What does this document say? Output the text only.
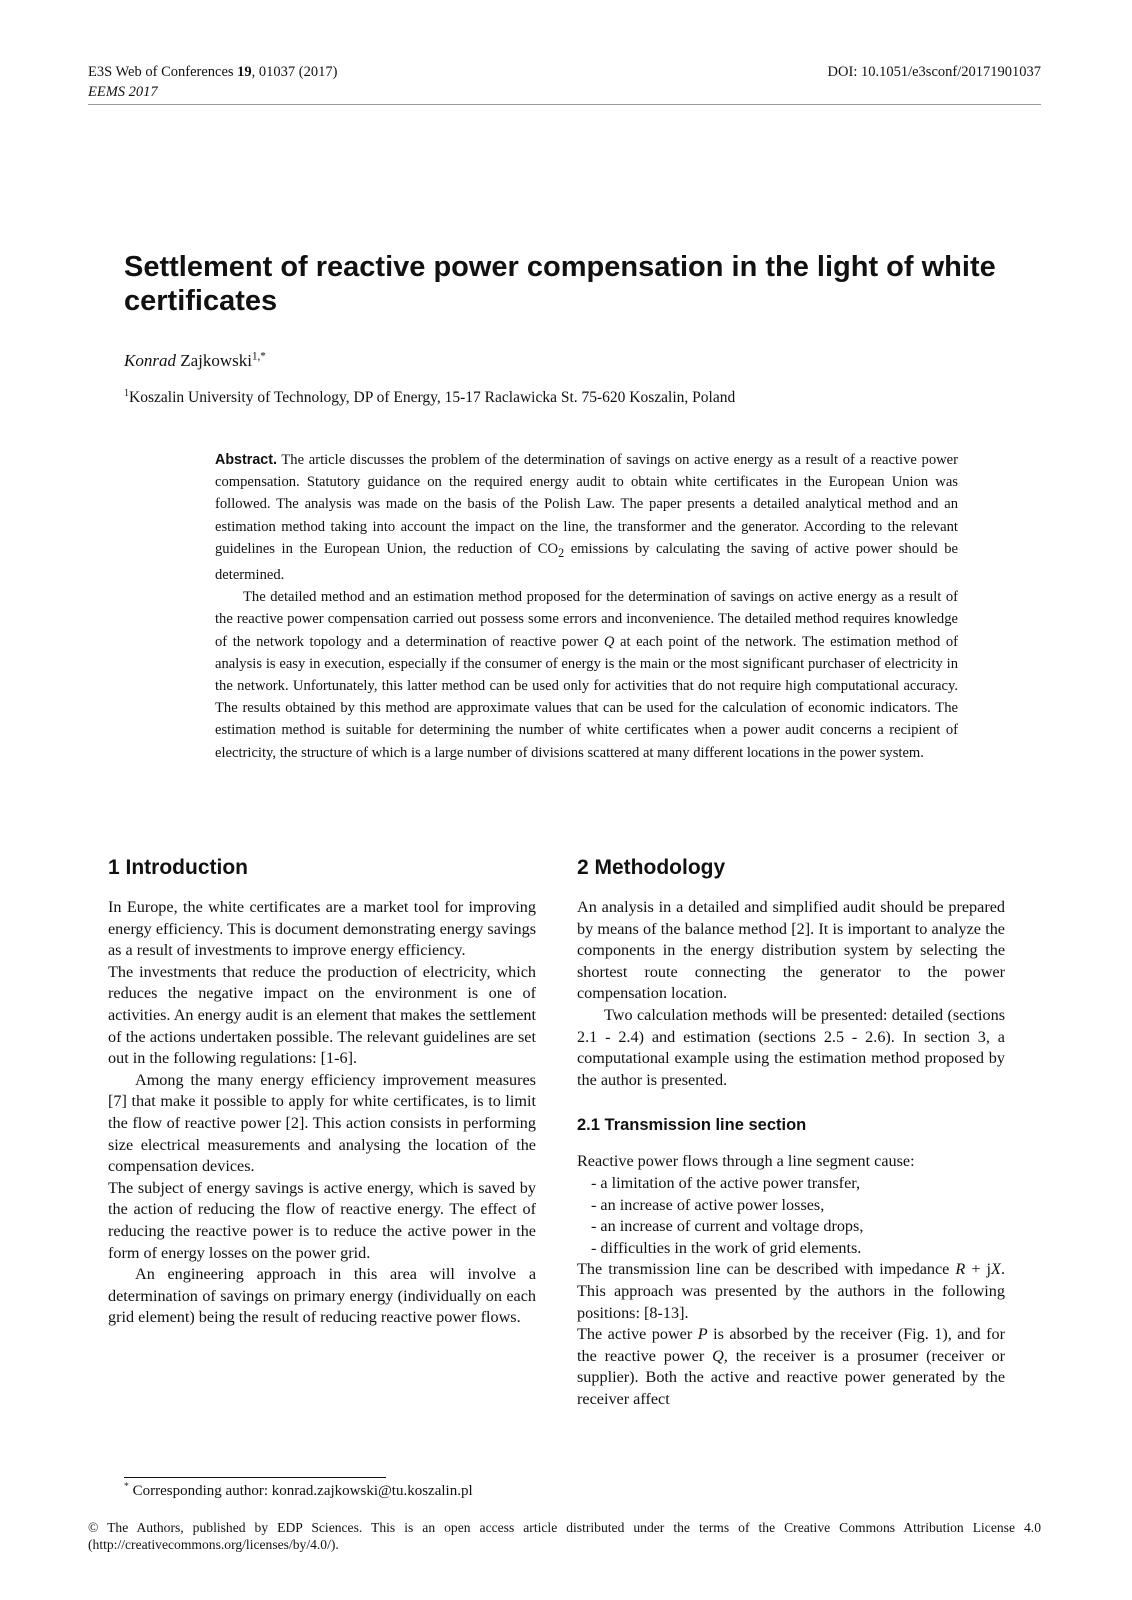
E3S Web of Conferences 19, 01037 (2017)
EEMS 2017
DOI: 10.1051/e3sconf/20171901037
Settlement of reactive power compensation in the light of white certificates
Konrad Zajkowski$^{1,*}$
$^1$Koszalin University of Technology, DP of Energy, 15-17 Raclawicka St. 75-620 Koszalin, Poland

Abstract. The article discusses the problem of the determination of savings on active energy as a result of a reactive power compensation. Statutory guidance on the required energy audit to obtain white certificates in the European Union was followed. The analysis was made on the basis of the Polish Law. The paper presents a detailed analytical method and an estimation method taking into account the impact on the line, the transformer and the generator. According to the relevant guidelines in the European Union, the reduction of $CO_2$ emissions by calculating the saving of active power should be determined.

The detailed method and an estimation method proposed for the determination of savings on active energy as a result of the reactive power compensation carried out possess some errors and inconvenience. The detailed method requires knowledge of the network topology and a determination of reactive power Q at each point of the network. The estimation method of analysis is easy in execution, especially if the consumer of energy is the main or the most significant purchaser of electricity in the network. Unfortunately, this latter method can be used only for activities that do not require high computational accuracy. The results obtained by this method are approximate values that can be used for the calculation of economic indicators. The estimation method is suitable for determining the number of white certificates when a power audit concerns a recipient of electricity, the structure of which is a large number of divisions scattered at many different locations in the power system.

1 Introduction

In Europe, the white certificates are a market tool for improving energy efficiency. This is document demonstrating energy savings as a result of investments to improve energy efficiency.

The investments that reduce the production of electricity, which reduces the negative impact on the environment is one of activities. An energy audit is an element that makes the settlement of the actions undertaken possible. The relevant guidelines are set out in the following regulations: [1-6].

Among the many energy efficiency improvement measures [7] that make it possible to apply for white certificates, is to limit the flow of reactive power [2]. This action consists in performing size electrical measurements and analysing the location of the compensation devices.

The subject of energy savings is active energy, which is saved by the action of reducing the flow of reactive energy. The effect of reducing the reactive power is to reduce the active power in the form of energy losses on the power grid.

An engineering approach in this area will involve a determination of savings on primary energy (individually on each grid element) being the result of reducing reactive power flows.

2 Methodology

An analysis in a detailed and simplified audit should be prepared by means of the balance method [2]. It is important to analyze the components in the energy distribution system by selecting the shortest route connecting the generator to the power compensation location.

Two calculation methods will be presented: detailed (sections 2.1 - 2.4) and estimation (sections 2.5 - 2.6). In section 3, a computational example using the estimation method proposed by the author is presented.

2.1 Transmission line section

Reactive power flows through a line segment cause:

- a limitation of the active power transfer,
- an increase of active power losses,
- an increase of current and voltage drops,
- difficulties in the work of grid elements.

The transmission line can be described with impedance R + jX. This approach was presented by the authors in the following positions: [8-13].

The active power P is absorbed by the receiver (Fig. 1), and for the reactive power Q, the receiver is a prosumer (receiver or supplier). Both the active and reactive power generated by the receiver affect

* Corresponding author: konrad.zajkowski@tu.koszalin.pl
© The Authors, published by EDP Sciences. This is an open access article distributed under the terms of the Creative Commons Attribution License 4.0 (http://creativecommons.org/licenses/by/4.0/).
